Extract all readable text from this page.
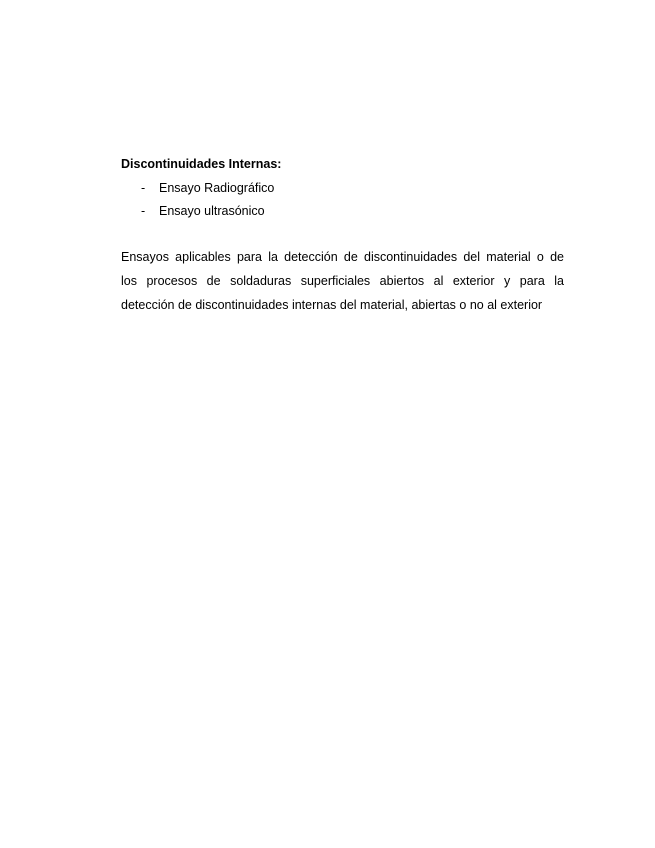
Discontinuidades Internas:

- Ensayo Radiográfico
- Ensayo ultrasónico

Ensayos aplicables para la detección de discontinuidades del material o de
los procesos de soldaduras superficiales abiertos al exterior y para la
detección de discontinuidades internas del material, abiertas o no al exterior
